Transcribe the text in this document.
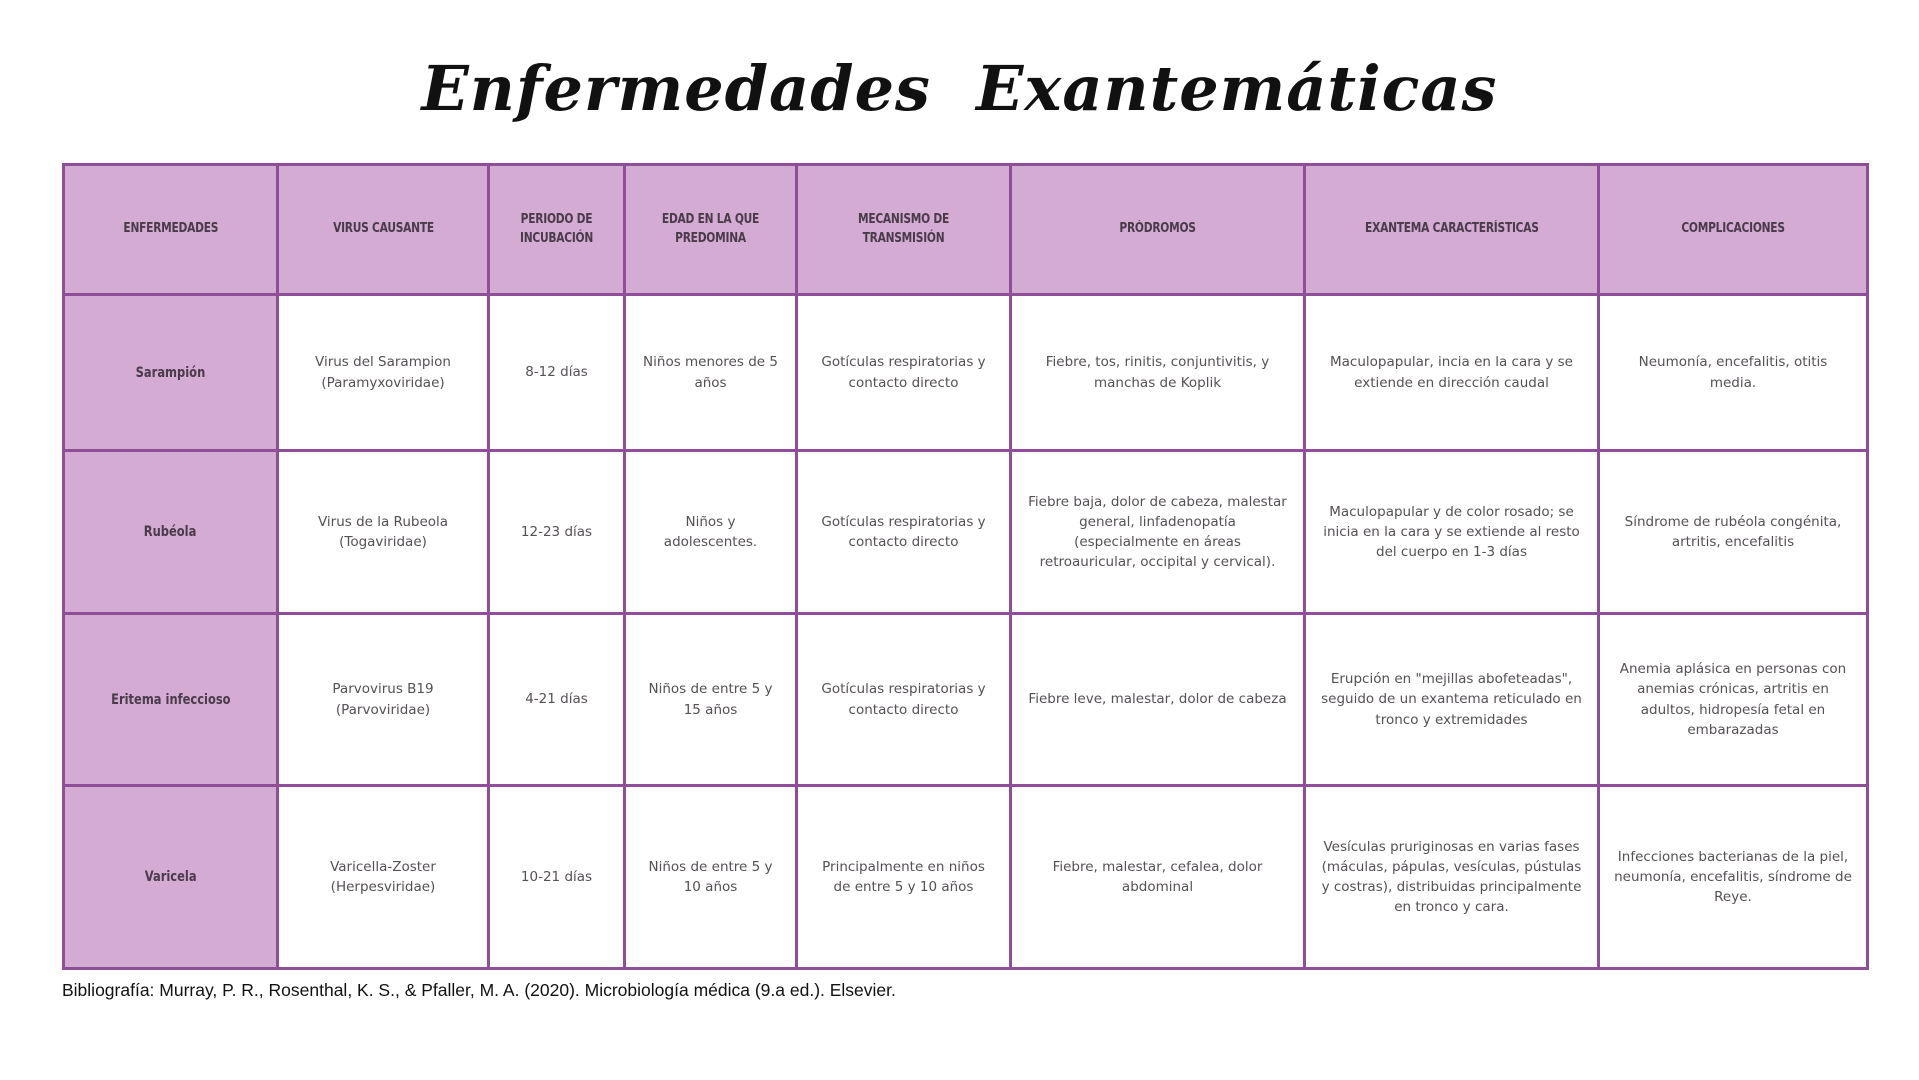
Enfermedades  Exantemáticas
ENFERMEDADES	VIRUS CAUSANTE	PERIODO DE INCUBACIÓN	EDAD EN LA QUE PREDOMINA	MECANISMO DE TRANSMISIÓN	PRÓDROMOS	EXANTEMA CARACTERÍSTICAS	COMPLICACIONES
Sarampión	Virus del Sarampion (Paramyxoviridae)	8-12 días	Niños menores de 5 años	Gotículas respiratorias y contacto directo	Fiebre, tos, rinitis, conjuntivitis, y manchas de Koplik	Maculopapular, incia en la cara y se extiende en dirección caudal	Neumonía, encefalitis, otitis media.
Rubéola	Virus de la Rubeola (Togaviridae)	12-23 días	Niños y adolescentes.	Gotículas respiratorias y contacto directo	Fiebre baja, dolor de cabeza, malestar general, linfadenopatía (especialmente en áreas retroauricular, occipital y cervical).	Maculopapular y de color rosado; se inicia en la cara y se extiende al resto del cuerpo en 1-3 días	Síndrome de rubéola congénita, artritis, encefalitis
Eritema infeccioso	Parvovirus B19 (Parvoviridae)	4-21 días	Niños de entre 5 y 15 años	Gotículas respiratorias y contacto directo	Fiebre leve, malestar, dolor de cabeza	Erupción en "mejillas abofeteadas", seguido de un exantema reticulado en tronco y extremidades	Anemia aplásica en personas con anemias crónicas, artritis en adultos, hidropesía fetal en embarazadas
Varicela	Varicella-Zoster (Herpesviridae)	10-21 días	Niños de entre 5 y 10 años	Principalmente en niños de entre 5 y 10 años	Fiebre, malestar, cefalea, dolor abdominal	Vesículas pruriginosas en varias fases (máculas, pápulas, vesículas, pústulas y costras), distribuidas principalmente en tronco y cara.	Infecciones bacterianas de la piel, neumonía, encefalitis, síndrome de Reye.
Bibliografía: Murray, P. R., Rosenthal, K. S., & Pfaller, M. A. (2020). Microbiología médica (9.a ed.). Elsevier.
